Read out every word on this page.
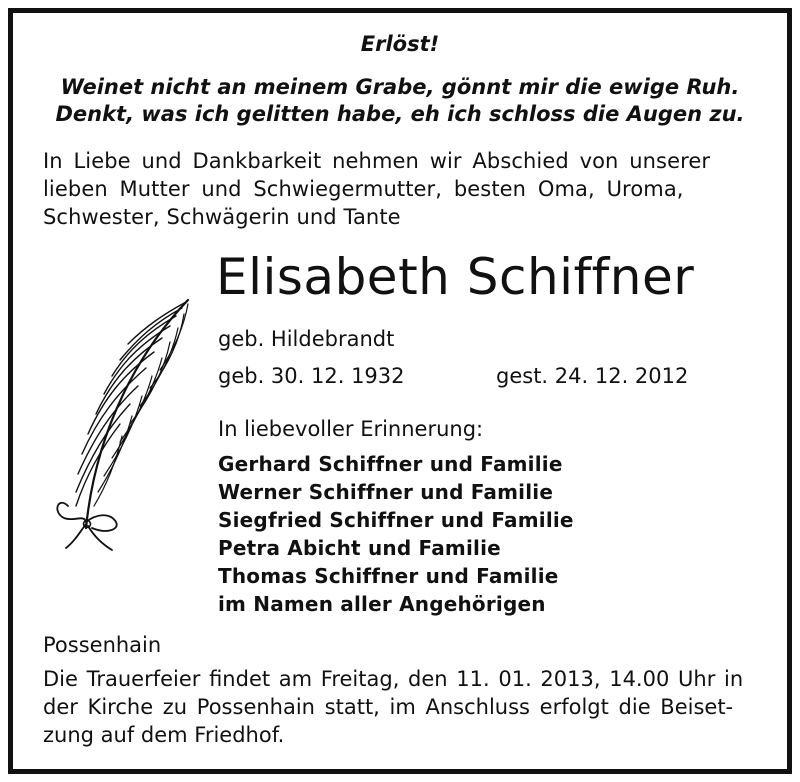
Erlöst!
Weinet nicht an meinem Grabe, gönnt mir die ewige Ruh.
Denkt, was ich gelitten habe, eh ich schloss die Augen zu.
In Liebe und Dankbarkeit nehmen wir Abschied von unserer
lieben Mutter und Schwiegermutter, besten Oma, Uroma,
Schwester, Schwägerin und Tante
Elisabeth Schiffner
geb. Hildebrandt
geb. 30. 12. 1932	gest. 24. 12. 2012
In liebevoller Erinnerung:
Gerhard Schiffner und Familie
Werner Schiffner und Familie
Siegfried Schiffner und Familie
Petra Abicht und Familie
Thomas Schiffner und Familie
im Namen aller Angehörigen
Possenhain
Die Trauerfeier findet am Freitag, den 11. 01. 2013, 14.00 Uhr in
der Kirche zu Possenhain statt, im Anschluss erfolgt die Beiset-
zung auf dem Friedhof.
